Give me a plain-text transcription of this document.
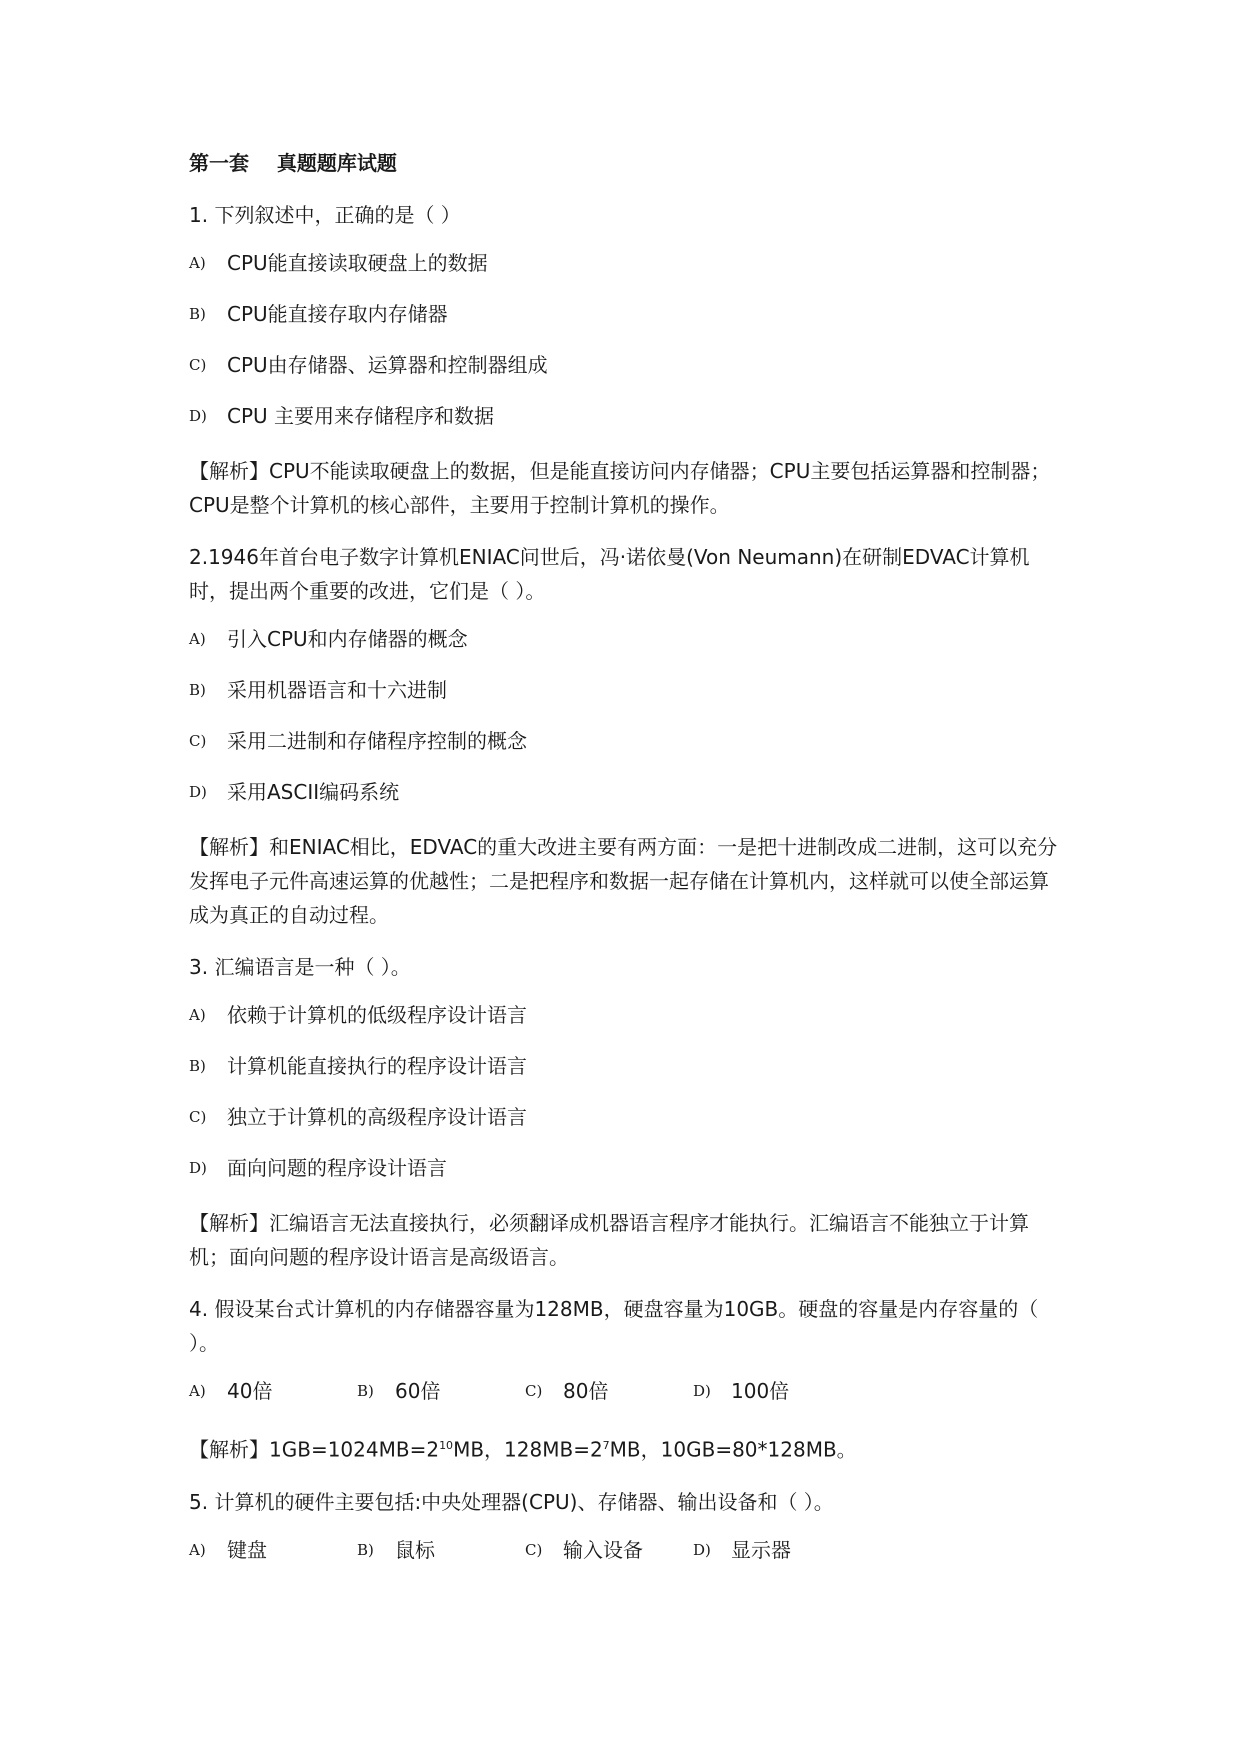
第一套    真题题库试题
1. 下列叙述中，正确的是（ ）
A)	CPU能直接读取硬盘上的数据
B)	CPU能直接存取内存储器
C)	CPU由存储器、运算器和控制器组成
D)	CPU 主要用来存储程序和数据
【解析】CPU不能读取硬盘上的数据，但是能直接访问内存储器；CPU主要包括运算器和控制器；CPU是整个计算机的核心部件，主要用于控制计算机的操作。
2.1946年首台电子数字计算机ENIAC问世后，冯·诺依曼(Von Neumann)在研制EDVAC计算机时，提出两个重要的改进，它们是（ ）。
A)	引入CPU和内存储器的概念
B)	采用机器语言和十六进制
C)	采用二进制和存储程序控制的概念
D)	采用ASCII编码系统
【解析】和ENIAC相比，EDVAC的重大改进主要有两方面：一是把十进制改成二进制，这可以充分发挥电子元件高速运算的优越性；二是把程序和数据一起存储在计算机内，这样就可以使全部运算成为真正的自动过程。
3. 汇编语言是一种（ ）。
A)	依赖于计算机的低级程序设计语言
B)	计算机能直接执行的程序设计语言
C)	独立于计算机的高级程序设计语言
D)	面向问题的程序设计语言
【解析】汇编语言无法直接执行，必须翻译成机器语言程序才能执行。汇编语言不能独立于计算机；面向问题的程序设计语言是高级语言。
4. 假设某台式计算机的内存储器容量为128MB，硬盘容量为10GB。硬盘的容量是内存容量的（ ）。
A)	40倍	B)	60倍	C)	80倍	D)	100倍
【解析】$1GB=1024MB=2^{10}MB$，$128MB=2^7MB$，10GB=80*128MB。
5. 计算机的硬件主要包括:中央处理器(CPU)、存储器、输出设备和（ ）。
A)	键盘	B)	鼠标	C)	输入设备	D)	显示器
